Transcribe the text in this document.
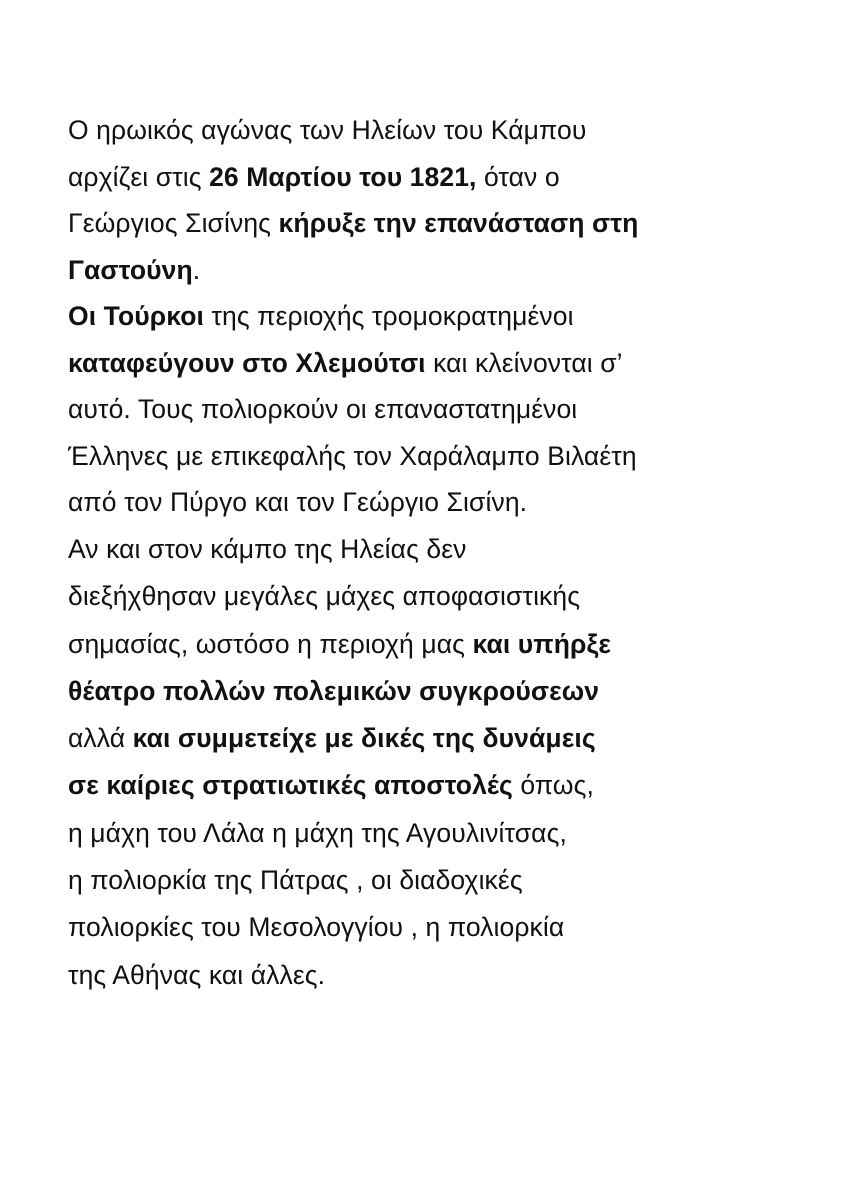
Ο ηρωικός αγώνας των Ηλείων του Κάμπου
αρχίζει στις 26 Μαρτίου του 1821, όταν ο
Γεώργιος Σισίνης κήρυξε την επανάσταση στη
Γαστούνη.
Οι Τούρκοι της περιοχής τρομοκρατημένοι
καταφεύγουν στο Χλεμούτσι και κλείνονται σ’
αυτό. Τους πολιορκούν οι επαναστατημένοι
Έλληνες με επικεφαλής τον Χαράλαμπο Βιλαέτη
από τον Πύργο και τον Γεώργιο Σισίνη.
Αν και στον κάμπο της Ηλείας δεν
διεξήχθησαν μεγάλες μάχες αποφασιστικής
σημασίας, ωστόσο η περιοχή μας και υπήρξε
θέατρο πολλών πολεμικών συγκρούσεων
αλλά και συμμετείχε με δικές της δυνάμεις
σε καίριες στρατιωτικές αποστολές όπως,
η μάχη του Λάλα η μάχη της Αγουλινίτσας,
η πολιορκία της Πάτρας , οι διαδοχικές
πολιορκίες του Μεσολογγίου , η πολιορκία
της Αθήνας και άλλες.
